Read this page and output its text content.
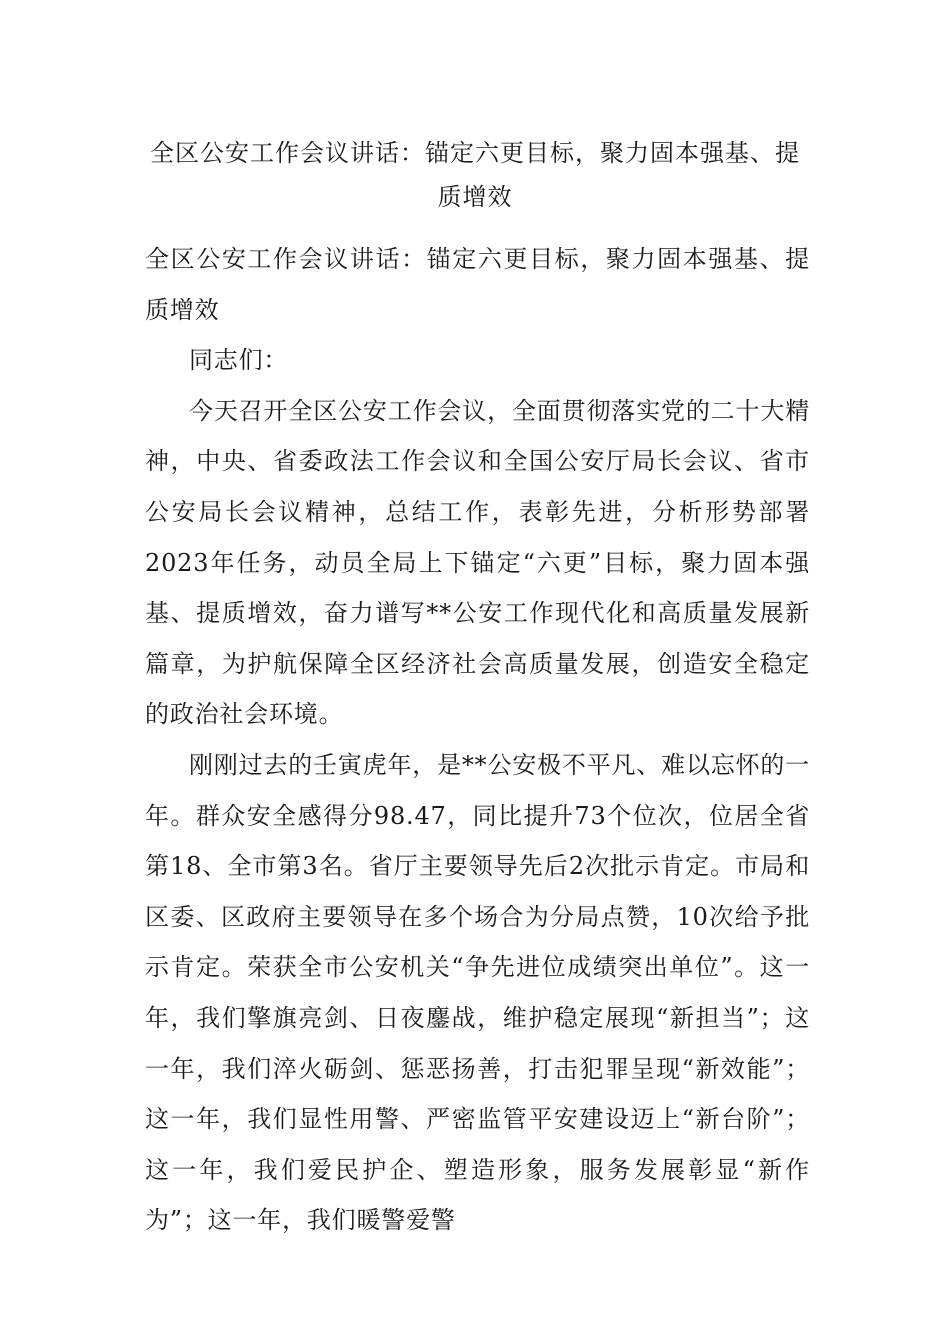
全区公安工作会议讲话：锚定六更目标，聚力固本强基、提质增效

全区公安工作会议讲话：锚定六更目标，聚力固本强基、提质增效

同志们：

今天召开全区公安工作会议，全面贯彻落实党的二十大精神，中央、省委政法工作会议和全国公安厅局长会议、省市公安局长会议精神，总结工作，表彰先进，分析形势部署2023年任务，动员全局上下锚定“六更”目标，聚力固本强基、提质增效，奋力谱写**公安工作现代化和高质量发展新篇章，为护航保障全区经济社会高质量发展，创造安全稳定的政治社会环境。

刚刚过去的壬寅虎年，是**公安极不平凡、难以忘怀的一年。群众安全感得分98.47，同比提升73个位次，位居全省第18、全市第3名。省厅主要领导先后2次批示肯定。市局和区委、区政府主要领导在多个场合为分局点赞，10次给予批示肯定。荣获全市公安机关“争先进位成绩突出单位”。这一年，我们擎旗亮剑、日夜鏖战，维护稳定展现“新担当”；这一年，我们淬火砺剑、惩恶扬善，打击犯罪呈现“新效能”；这一年，我们显性用警、严密监管平安建设迈上“新台阶”；这一年，我们爱民护企、塑造形象，服务发展彰显“新作为”；这一年，我们暖警爱警
